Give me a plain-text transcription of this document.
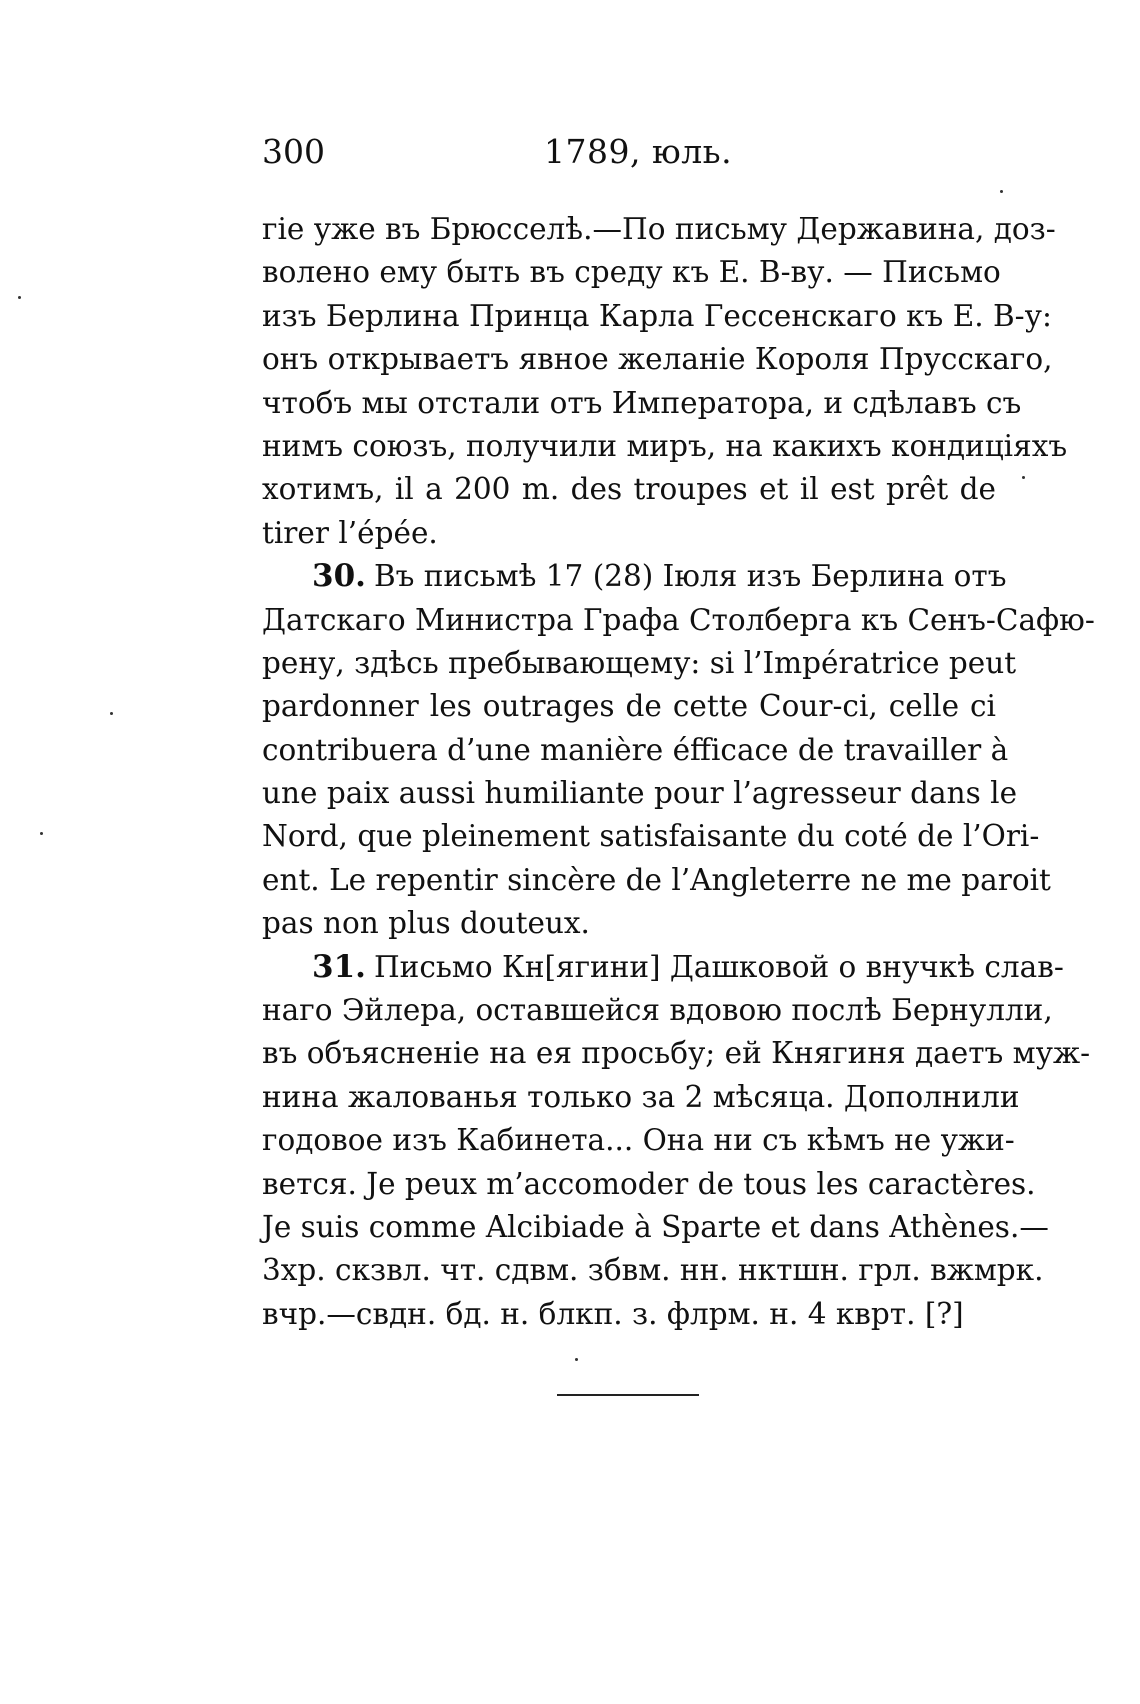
300	1789, юль.
гіе уже въ Брюсселѣ.—По письму Державина, доз-
волено ему быть въ среду къ Е. В-ву. — Письмо
изъ Берлина Принца Карла Гессенскаго къ Е. В-у:
онъ открываетъ явное желаніе Короля Прусскаго,
чтобъ мы отстали отъ Императора, и сдѣлавъ съ
нимъ союзъ, получили миръ, на какихъ кондиціяхъ
хотимъ, il a 200 m. des troupes et il est prêt de
tirer l’épée.
30. Въ письмѣ 17 (28) Іюля изъ Берлина отъ
Датскаго Министра Графа Столберга къ Сенъ-Сафю-
рену, здѣсь пребывающему: si l’Impératrice peut
pardonner les outrages de cette Cour-ci, celle ci
contribuera d’une manière éfficace de travailler à
une paix aussi humiliante pour l’agresseur dans le
Nord, que pleinement satisfaisante du coté de l’Ori-
ent. Le repentir sincère de l’Angleterre ne me paroit
pas non plus douteux.
31. Письмо Кн[ягини] Дашковой о внучкѣ слав-
наго Эйлера, оставшейся вдовою послѣ Бернулли,
въ объясненіе на ея просьбу; ей Княгиня даетъ муж-
нина жалованья только за 2 мѣсяца. Дополнили
годовое изъ Кабинета... Она ни съ кѣмъ не ужи-
вется. Je peux m’accomoder de tous les caractères.
Je suis comme Alcibiade à Sparte et dans Athènes.—
3хр. скзвл. чт. сдвм. збвм. нн. нктшн. грл. вжмрк.
вчр.—свдн. бд. н. блкп. з. флрм. н. 4 кврт. [?]
